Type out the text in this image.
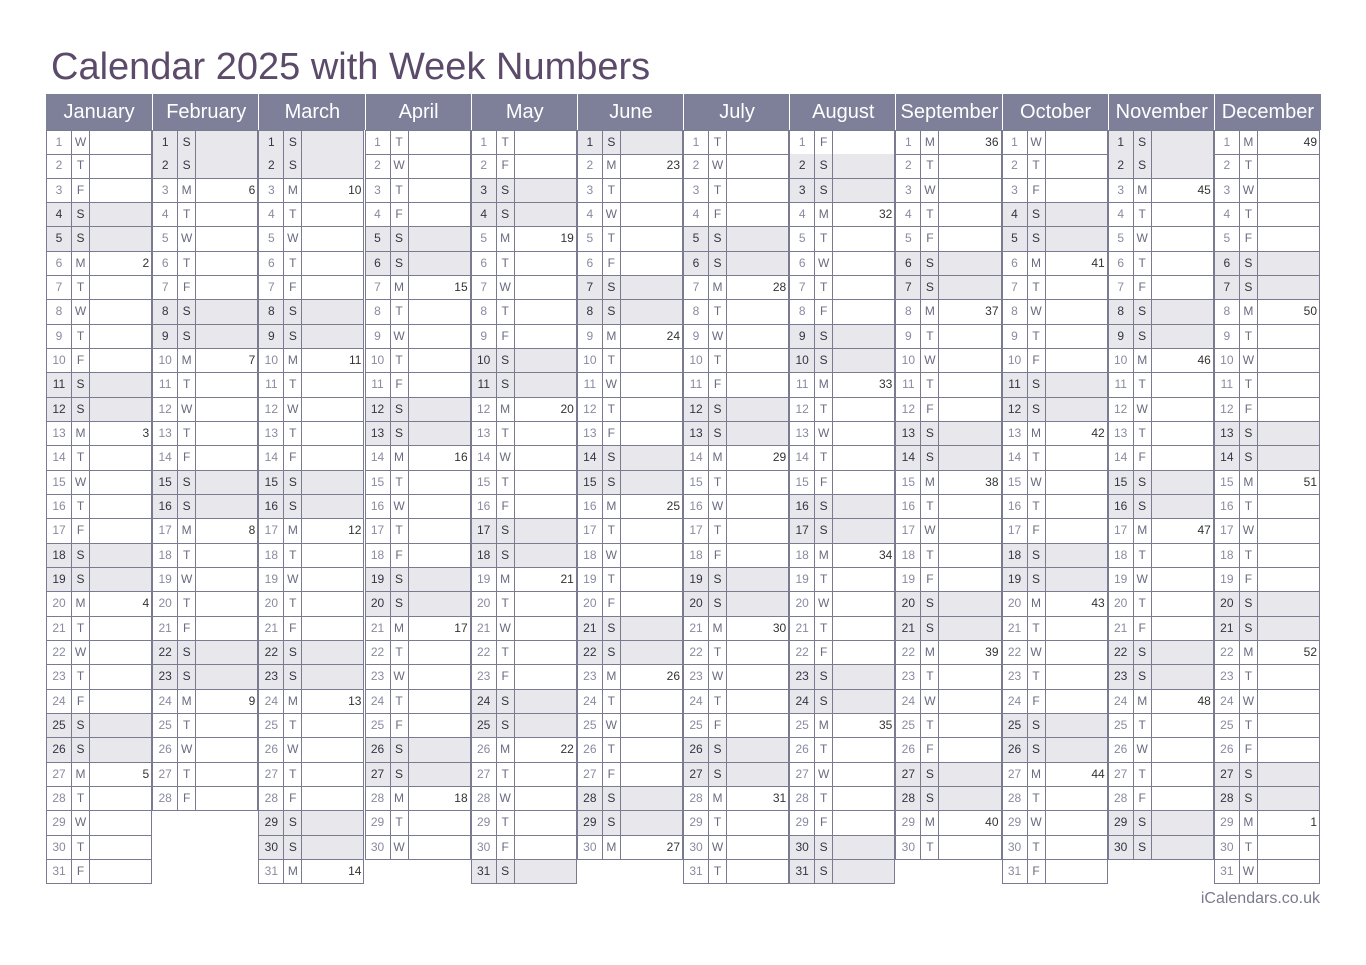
Calendar 2025 with Week Numbers
January
1	W
2	T
3	F
4	S
5	S
6	M	2
7	T
8	W
9	T
10 F
11 S
12 S
13 M	3
14 T
15 W
16 T
17 F
18 S
19 S
20 M	4
21 T
22 W
23 T
24 F
25 S
26 S
27 M	5
28 T
29 W
30 T
31 F
February
1	S
2	S
3	M	6
4	T
5	W
6	T
7	F
8	S
9	S
10 M	7
11 T
12 W
13 T
14 F
15 S
16 S
17 M	8
18 T
19 W
20 T
21 F
22 S
23 S
24 M	9
25 T
26 W
27 T
28 F
March
1	S
2	S
3	M	10
4	T
5	W
6	T
7	F
8	S
9	S
10 M	11
11 T
12 W
13 T
14 F
15 S
16 S
17 M	12
18 T
19 W
20 T
21 F
22 S
23 S
24 M	13
25 T
26 W
27 T
28 F
29 S
30 S
31 M	14
April
1	T
2	W
3	T
4	F
5	S
6	S
7	M	15
8	T
9	W
10 T
11 F
12 S
13 S
14 M	16
15 T
16 W
17 T
18 F
19 S
20 S
21 M	17
22 T
23 W
24 T
25 F
26 S
27 S
28 M	18
29 T
30 W
May
1	T
2	F
3	S
4	S
5	M	19
6	T
7	W
8	T
9	F
10 S
11 S
12 M	20
13 T
14 W
15 T
16 F
17 S
18 S
19 M	21
20 T
21 W
22 T
23 F
24 S
25 S
26 M	22
27 T
28 W
29 T
30 F
31 S
June
1	S
2	M	23
3	T
4	W
5	T
6	F
7	S
8	S
9	M	24
10 T
11 W
12 T
13 F
14 S
15 S
16 M	25
17 T
18 W
19 T
20 F
21 S
22 S
23 M	26
24 T
25 W
26 T
27 F
28 S
29 S
30 M	27
July
1	T
2	W
3	T
4	F
5	S
6	S
7	M	28
8	T
9	W
10 T
11 F
12 S
13 S
14 M	29
15 T
16 W
17 T
18 F
19 S
20 S
21 M	30
22 T
23 W
24 T
25 F
26 S
27 S
28 M	31
29 T
30 W
31 T
August
1	F
2	S
3	S
4	M	32
5	T
6	W
7	T
8	F
9	S
10 S
11 M	33
12 T
13 W
14 T
15 F
16 S
17 S
18 M	34
19 T
20 W
21 T
22 F
23 S
24 S
25 M	35
26 T
27 W
28 T
29 F
30 S
31 S
September
1	M	36
2	T
3	W
4	T
5	F
6	S
7	S
8	M	37
9	T
10 W
11 T
12 F
13 S
14 S
15 M	38
16 T
17 W
18 T
19 F
20 S
21 S
22 M	39
23 T
24 W
25 T
26 F
27 S
28 S
29 M	40
30 T
October
1	W
2	T
3	F
4	S
5	S
6	M	41
7	T
8	W
9	T
10 F
11 S
12 S
13 M	42
14 T
15 W
16 T
17 F
18 S
19 S
20 M	43
21 T
22 W
23 T
24 F
25 S
26 S
27 M	44
28 T
29 W
30 T
31 F
November
1	S
2	S
3	M	45
4	T
5	W
6	T
7	F
8	S
9	S
10 M	46
11 T
12 W
13 T
14 F
15 S
16 S
17 M	47
18 T
19 W
20 T
21 F
22 S
23 S
24 M	48
25 T
26 W
27 T
28 F
29 S
30 S
December
1	M	49
2	T
3	W
4	T
5	F
6	S
7	S
8	M	50
9	T
10 W
11 T
12 F
13 S
14 S
15 M	51
16 T
17 W
18 T
19 F
20 S
21 S
22 M	52
23 T
24 W
25 T
26 F
27 S
28 S
29 M	1
30 T
31 W
iCalendars.co.uk
